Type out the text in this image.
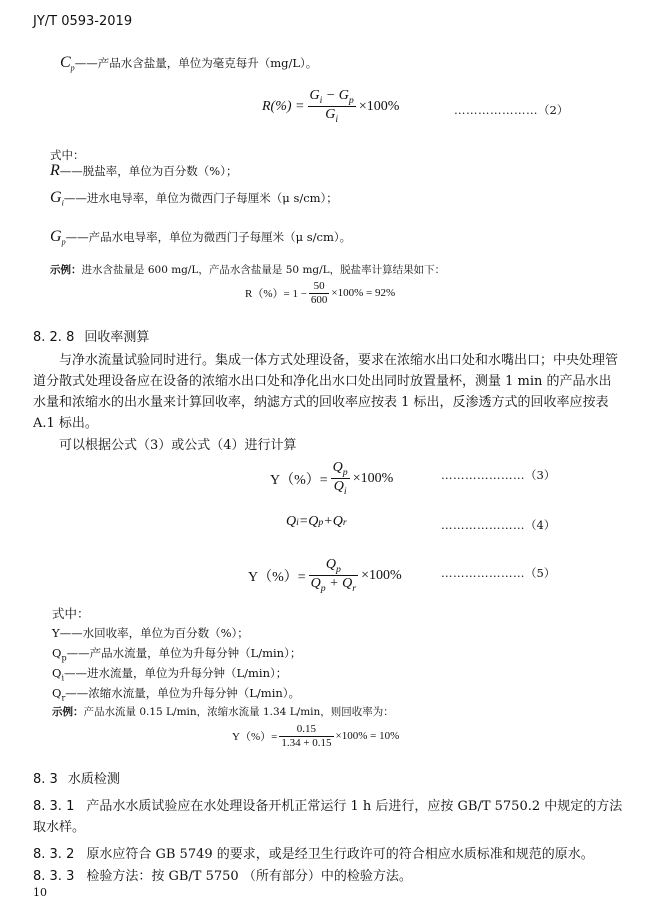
JY/T 0593-2019
$C_p——$产品水含盐量，单位为毫克每升（mg/L）。
$R(\%) = \frac{G_i - G_p}{G_i} \times 100\%$	…………………（2）
式中：
R——脱盐率，单位为百分数（%）；
$G_i——$进水电导率，单位为微西门子每厘米（μ s/cm）；
$G_p——$产品水电导率，单位为微西门子每厘米（μ s/cm）。
示例：进水含盐量是 600 mg/L，产品水含盐量是 50 mg/L，脱盐率计算结果如下：
$R(\%)= 1 - \frac{50}{600} \times 100\% = 92\%$
8. 2. 8 回收率测算
与净水流量试验同时进行。集成一体方式处理设备，要求在浓缩水出口处和水嘴出口；中央处理管道分散式处理设备应在设备的浓缩水出口处和净化出水口处出同时放置量杯，测量 1 min 的产品水出水量和浓缩水的出水量来计算回收率，纳滤方式的回收率应按表 1 标出，反渗透方式的回收率应按表 A.1 标出。
可以根据公式（3）或公式（4）进行计算
$Y(\%)= \frac{Q_p}{Q_i} \times 100\%$	…………………（3）
Q i =Q p +Q r	…………………（4）
$Y(\%)= \frac{Q_p}{Q_p + Q_r} \times 100\%$	…………………（5）
式中：
Y——水回收率，单位为百分数（%）；
$Q_p——$产品水流量，单位为升每分钟（L/min）；
$Q_i——$进水流量，单位为升每分钟（L/min）；
$Q_r——$浓缩水流量，单位为升每分钟（L/min）。
示例：产品水流量 0.15 L/min，浓缩水流量 1.34 L/min，则回收率为：
$Y(\%)= \frac{0.15}{1.34 + 0.15} \times 100\% = 10\%$
8. 3 水质检测
8. 3. 1 产品水水质试验应在水处理设备开机正常运行 1 h 后进行，应按 GB/T 5750.2 中规定的方法取水样。
8. 3. 2 原水应符合 GB 5749 的要求，或是经卫生行政许可的符合相应水质标准和规范的原水。
8. 3. 3 检验方法：按 GB/T 5750 （所有部分）中的检验方法。
10
